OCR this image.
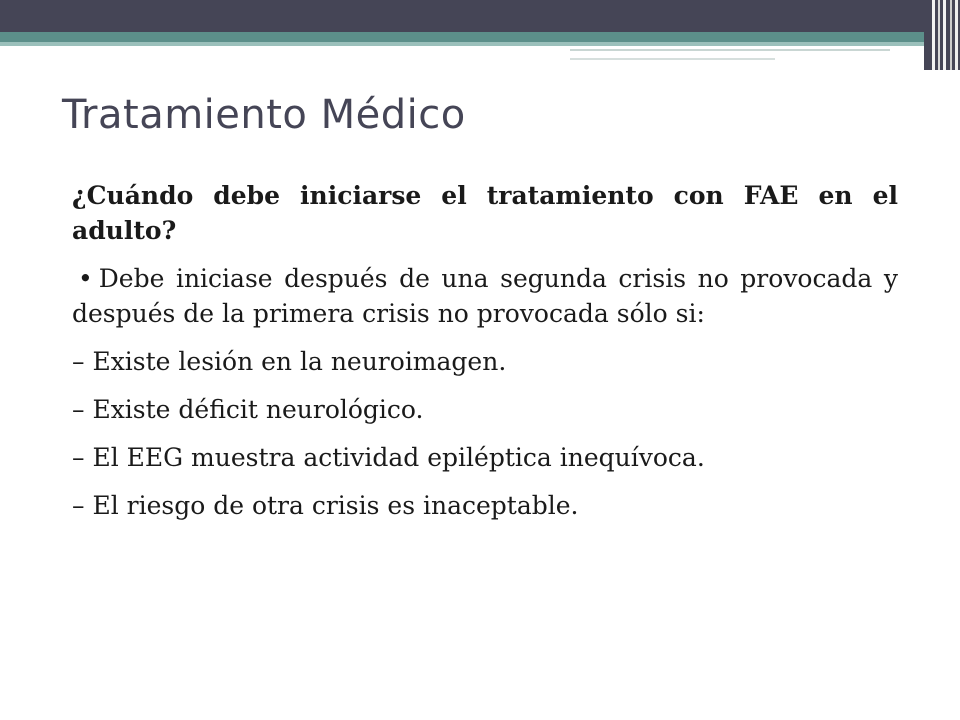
Tratamiento Médico
¿Cuándo debe iniciarse el tratamiento con FAE en el adulto?
• Debe iniciase después de una segunda crisis no provocada y después de la primera crisis no provocada sólo si:
– Existe lesión en la neuroimagen.
– Existe déficit neurológico.
– El EEG muestra actividad epiléptica inequívoca.
– El riesgo de otra crisis es inaceptable.
